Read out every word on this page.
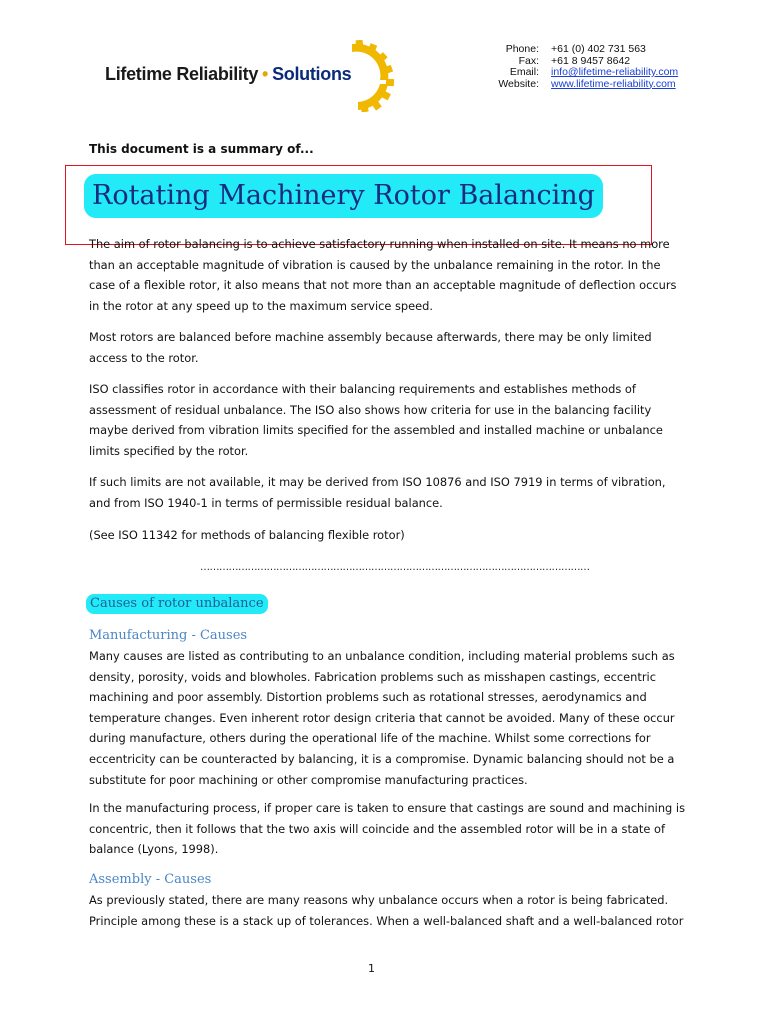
Lifetime Reliability • Solutions
Phone: +61 (0) 402 731 563
Fax: +61 8 9457 8642
Email: info@lifetime-reliability.com
Website: www.lifetime-reliability.com
This document is a summary of...
Rotating Machinery Rotor Balancing
The aim of rotor balancing is to achieve satisfactory running when installed on site. It means no more than an acceptable magnitude of vibration is caused by the unbalance remaining in the rotor. In the case of a flexible rotor, it also means that not more than an acceptable magnitude of deflection occurs in the rotor at any speed up to the maximum service speed.
Most rotors are balanced before machine assembly because afterwards, there may be only limited access to the rotor.
ISO classifies rotor in accordance with their balancing requirements and establishes methods of assessment of residual unbalance. The ISO also shows how criteria for use in the balancing facility maybe derived from vibration limits specified for the assembled and installed machine or unbalance limits specified by the rotor.
If such limits are not available, it may be derived from ISO 10876 and ISO 7919 in terms of vibration, and from ISO 1940-1 in terms of permissible residual balance.
(See ISO 11342 for methods of balancing flexible rotor)
……………………………………………………………………………………………………………
Causes of rotor unbalance
Manufacturing - Causes
Many causes are listed as contributing to an unbalance condition, including material problems such as density, porosity, voids and blowholes. Fabrication problems such as misshapen castings, eccentric machining and poor assembly. Distortion problems such as rotational stresses, aerodynamics and temperature changes. Even inherent rotor design criteria that cannot be avoided. Many of these occur during manufacture, others during the operational life of the machine. Whilst some corrections for eccentricity can be counteracted by balancing, it is a compromise. Dynamic balancing should not be a substitute for poor machining or other compromise manufacturing practices.
In the manufacturing process, if proper care is taken to ensure that castings are sound and machining is concentric, then it follows that the two axis will coincide and the assembled rotor will be in a state of balance (Lyons, 1998).
Assembly - Causes
As previously stated, there are many reasons why unbalance occurs when a rotor is being fabricated. Principle among these is a stack up of tolerances. When a well-balanced shaft and a well-balanced rotor
1
